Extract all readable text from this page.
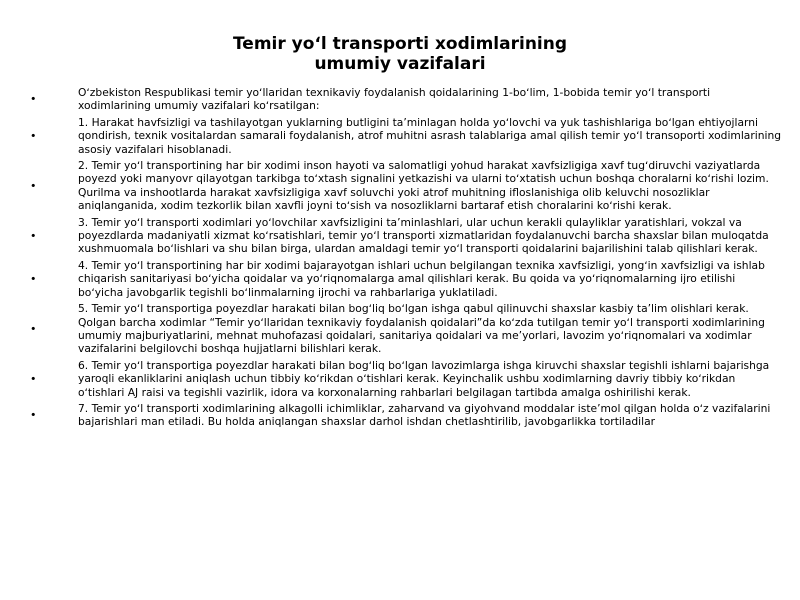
Temir yoʻl transporti xodimlarining
umumiy vazifalari
•
Oʻzbekiston Respublikasi temir yoʻllaridan texnikaviy foydalanish qoidalarining 1-boʻlim, 1-bobida temir yoʻl transporti xodimlarining umumiy vazifalari koʻrsatilgan:
•
1. Harakat havfsizligi va tashilayotgan yuklarning butligini taʼminlagan holda yoʻlovchi va yuk tashishlariga boʻlgan ehtiyojlarni qondirish, texnik vositalardan samarali foydalanish, atrof muhitni asrash talablariga amal qilish temir yoʻl transoporti xodimlarining asosiy vazifalari hisoblanadi.
•
2. Temir yoʻl transportining har bir xodimi inson hayoti va salomatligi yohud harakat xavfsizligiga xavf tugʻdiruvchi vaziyatlarda poyezd yoki manyovr qilayotgan tarkibga toʻxtash signalini yetkazishi va ularni toʻxtatish uchun boshqa choralarni koʻrishi lozim. Qurilma va inshootlarda harakat xavfsizligiga xavf soluvchi yoki atrof muhitning ifloslanishiga olib keluvchi nosozliklar aniqlanganida, xodim tezkorlik bilan xavfli joyni toʻsish va nosozliklarni bartaraf etish choralarini koʻrishi kerak.
•
3. Temir yoʻl transporti xodimlari yoʻlovchilar xavfsizligini taʼminlashlari, ular uchun kerakli qulayliklar yaratishlari, vokzal va poyezdlarda madaniyatli xizmat koʻrsatishlari, temir yoʻl transporti xizmatlaridan foydalanuvchi barcha shaxslar bilan muloqatda xushmuomala boʻlishlari va shu bilan birga, ulardan amaldagi temir yoʻl transporti qoidalarini bajarilishini talab qilishlari kerak.
•
4. Temir yoʻl transportining har bir xodimi bajarayotgan ishlari uchun belgilangan texnika xavfsizligi, yongʻin xavfsizligi va ishlab chiqarish sanitariyasi boʻyicha qoidalar va yoʻriqnomalarga amal qilishlari kerak. Bu qoida va yoʻriqnomalarning ijro etilishi boʻyicha javobgarlik tegishli boʻlinmalarning ijrochi va rahbarlariga yuklatiladi.
•
5. Temir yoʻl transportiga poyezdlar harakati bilan bogʻliq boʻlgan ishga qabul qilinuvchi shaxslar kasbiy taʼlim olishlari kerak. Qolgan barcha xodimlar “Temir yoʻllaridan texnikaviy foydalanish qoidalari”da koʻzda tutilgan temir yoʻl transporti xodimlarining umumiy majburiyatlarini, mehnat muhofazasi qoidalari, sanitariya qoidalari va meʼyorlari, lavozim yoʻriqnomalari va xodimlar vazifalarini belgilovchi boshqa hujjatlarni bilishlari kerak.
•
6. Temir yoʻl transportiga poyezdlar harakati bilan bogʻliq boʻlgan lavozimlarga ishga kiruvchi shaxslar tegishli ishlarni bajarishga yaroqli ekanliklarini aniqlash uchun tibbiy koʻrikdan oʻtishlari kerak. Keyinchalik ushbu xodimlarning davriy tibbiy koʻrikdan oʻtishlari AJ raisi va tegishli vazirlik, idora va korxonalarning rahbarlari belgilagan tartibda amalga oshirilishi kerak.
•
7. Temir yoʻl transporti xodimlarining alkagolli ichimliklar, zaharvand va giyohvand moddalar isteʼmol qilgan holda oʻz vazifalarini bajarishlari man etiladi. Bu holda aniqlangan shaxslar darhol ishdan chetlashtirilib, javobgarlikka tortiladilar
